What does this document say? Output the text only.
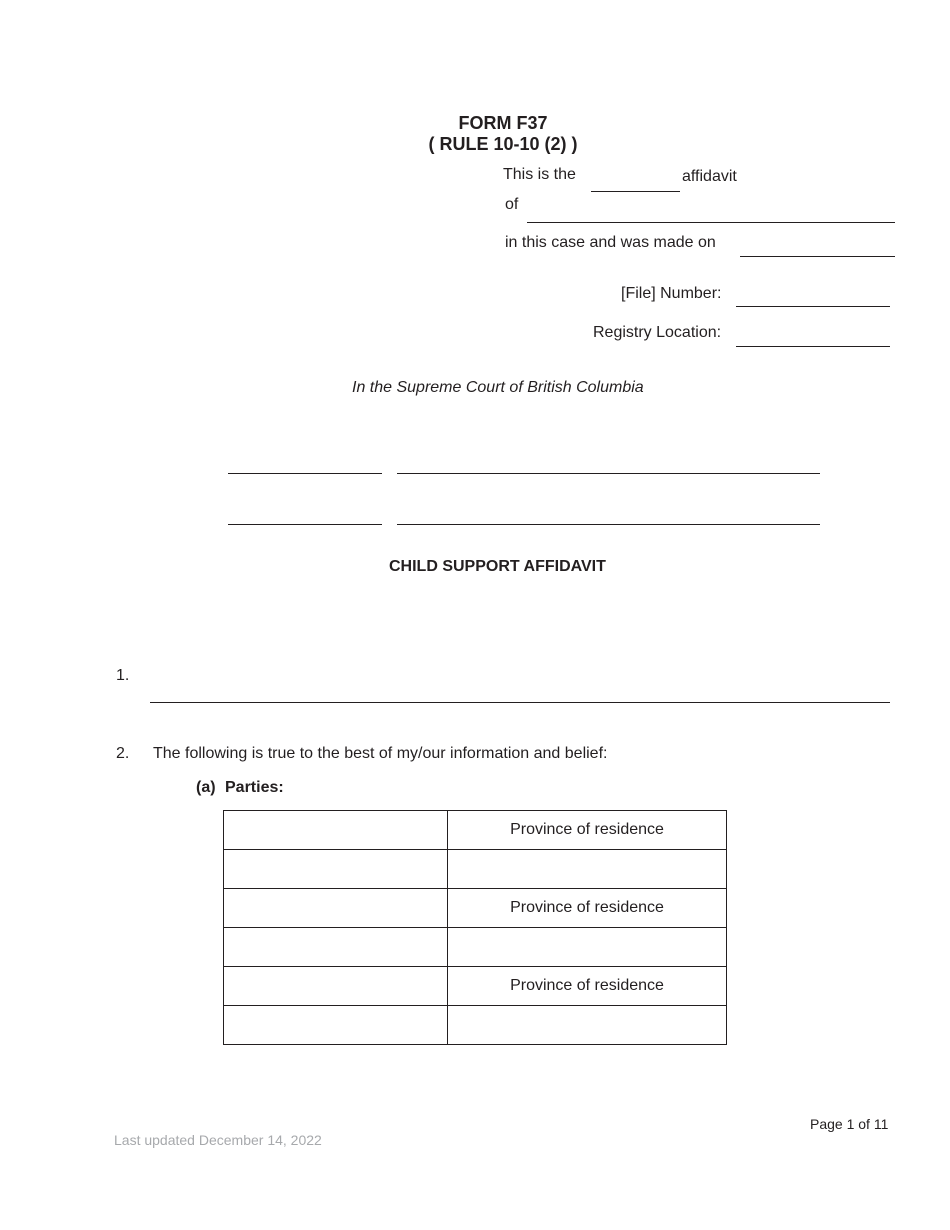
FORM F37
( RULE 10-10 (2) )
This is the	affidavit
of
in this case and was made on
[File] Number:
Registry Location:
In the Supreme Court of British Columbia
CHILD SUPPORT AFFIDAVIT
1.
2. The following is true to the best of my/our information and belief:
(a) Parties:
	Province of residence

	Province of residence

	Province of residence

Page 1 of 11
Last updated December 14, 2022
